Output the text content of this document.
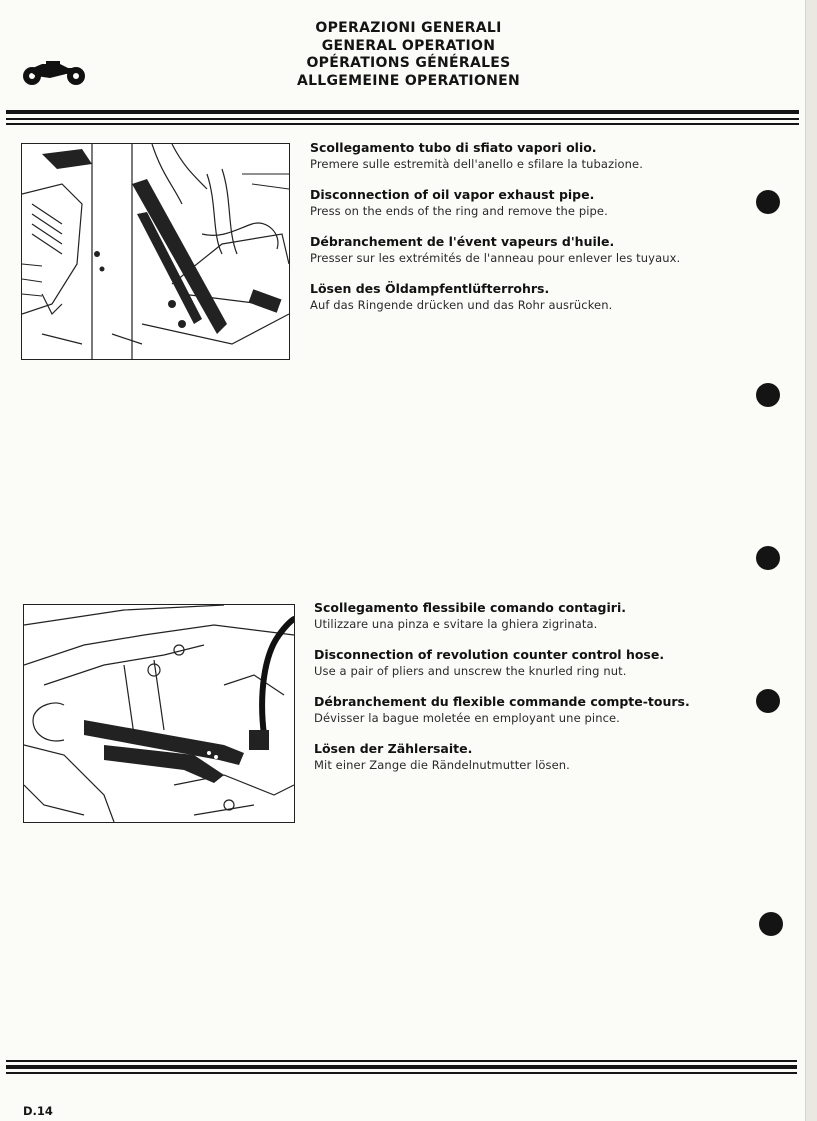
OPERAZIONI GENERALI
GENERAL OPERATION
OPÉRATIONS GÉNÉRALES
ALLGEMEINE OPERATIONEN
Scollegamento tubo di sfiato vapori olio.
Premere sulle estremità dell'anello e sfilare la tubazione.
Disconnection of oil vapor exhaust pipe.
Press on the ends of the ring and remove the pipe.
Débranchement de l'évent vapeurs d'huile.
Presser sur les extrémités de l'anneau pour enlever les tuyaux.
Lösen des Öldampfentlüfterrohrs.
Auf das Ringende drücken und das Rohr ausrücken.
Scollegamento flessibile comando contagiri.
Utilizzare una pinza e svitare la ghiera zigrinata.
Disconnection of revolution counter control hose.
Use a pair of pliers and unscrew the knurled ring nut.
Débranchement du flexible commande compte-tours.
Dévisser la bague moletée en employant une pince.
Lösen der Zählersaite.
Mit einer Zange die Rändelnutmutter lösen.
D.14
